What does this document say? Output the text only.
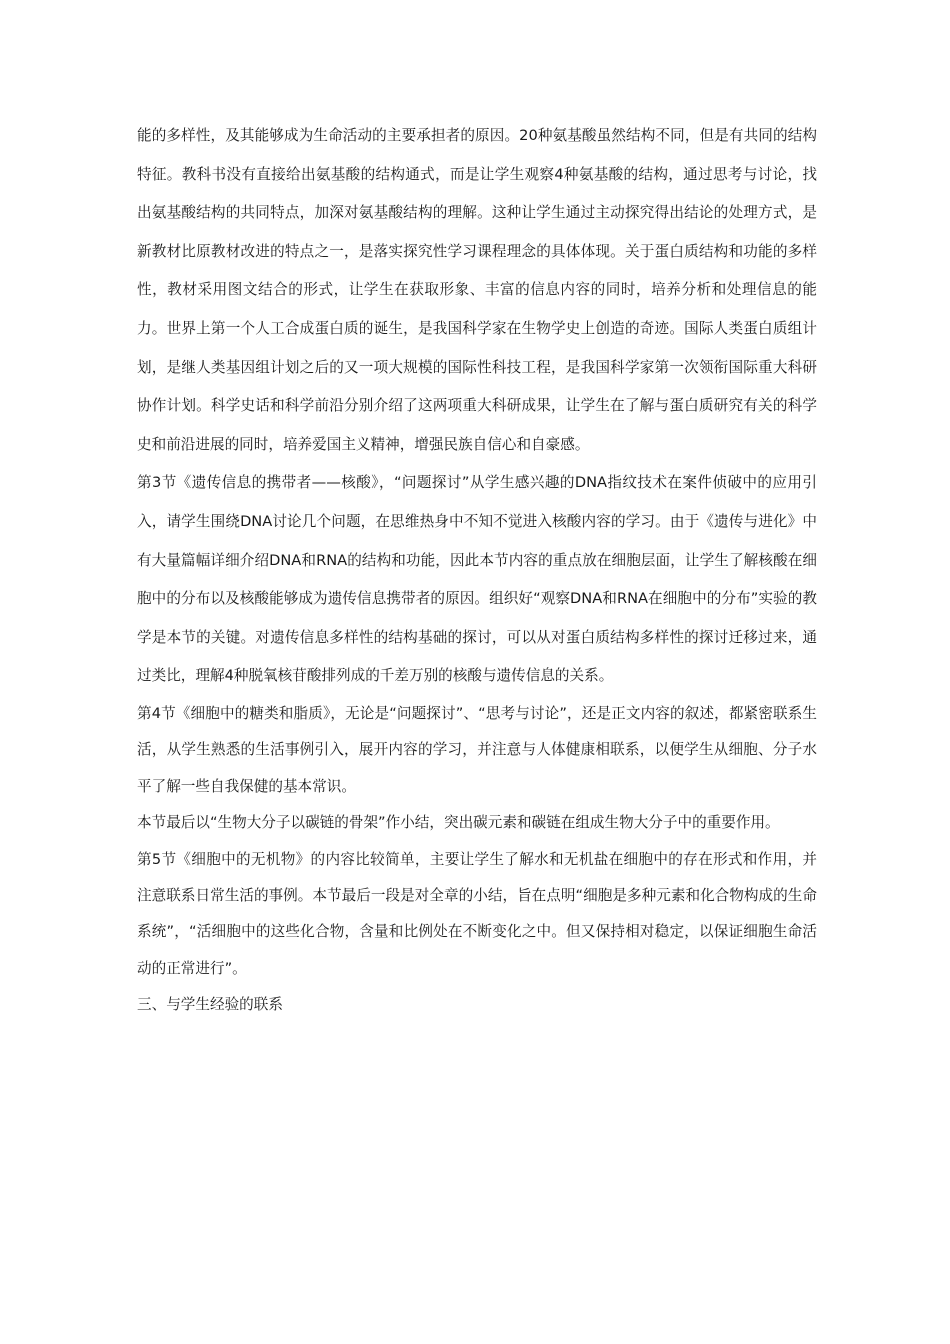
能的多样性，及其能够成为生命活动的主要承担者的原因。20种氨基酸虽然结构不同，但是有共同的结构特征。教科书没有直接给出氨基酸的结构通式，而是让学生观察4种氨基酸的结构，通过思考与讨论，找出氨基酸结构的共同特点，加深对氨基酸结构的理解。这种让学生通过主动探究得出结论的处理方式，是新教材比原教材改进的特点之一，是落实探究性学习课程理念的具体体现。关于蛋白质结构和功能的多样性，教材采用图文结合的形式，让学生在获取形象、丰富的信息内容的同时，培养分析和处理信息的能力。世界上第一个人工合成蛋白质的诞生，是我国科学家在生物学史上创造的奇迹。国际人类蛋白质组计划，是继人类基因组计划之后的又一项大规模的国际性科技工程，是我国科学家第一次领衔国际重大科研协作计划。科学史话和科学前沿分别介绍了这两项重大科研成果，让学生在了解与蛋白质研究有关的科学史和前沿进展的同时，培养爱国主义精神，增强民族自信心和自豪感。

第3节《遗传信息的携带者——核酸》，“问题探讨”从学生感兴趣的DNA指纹技术在案件侦破中的应用引入，请学生围绕DNA讨论几个问题，在思维热身中不知不觉进入核酸内容的学习。由于《遗传与进化》中有大量篇幅详细介绍DNA和RNA的结构和功能，因此本节内容的重点放在细胞层面，让学生了解核酸在细胞中的分布以及核酸能够成为遗传信息携带者的原因。组织好“观察DNA和RNA在细胞中的分布”实验的教学是本节的关键。对遗传信息多样性的结构基础的探讨，可以从对蛋白质结构多样性的探讨迁移过来，通过类比，理解4种脱氧核苷酸排列成的千差万别的核酸与遗传信息的关系。

第4节《细胞中的糖类和脂质》，无论是“问题探讨”、“思考与讨论”，还是正文内容的叙述，都紧密联系生活，从学生熟悉的生活事例引入，展开内容的学习，并注意与人体健康相联系，以便学生从细胞、分子水平了解一些自我保健的基本常识。

本节最后以“生物大分子以碳链的骨架”作小结，突出碳元素和碳链在组成生物大分子中的重要作用。

第5节《细胞中的无机物》的内容比较简单，主要让学生了解水和无机盐在细胞中的存在形式和作用，并注意联系日常生活的事例。本节最后一段是对全章的小结，旨在点明“细胞是多种元素和化合物构成的生命系统”，“活细胞中的这些化合物，含量和比例处在不断变化之中。但又保持相对稳定，以保证细胞生命活动的正常进行”。

三、与学生经验的联系
